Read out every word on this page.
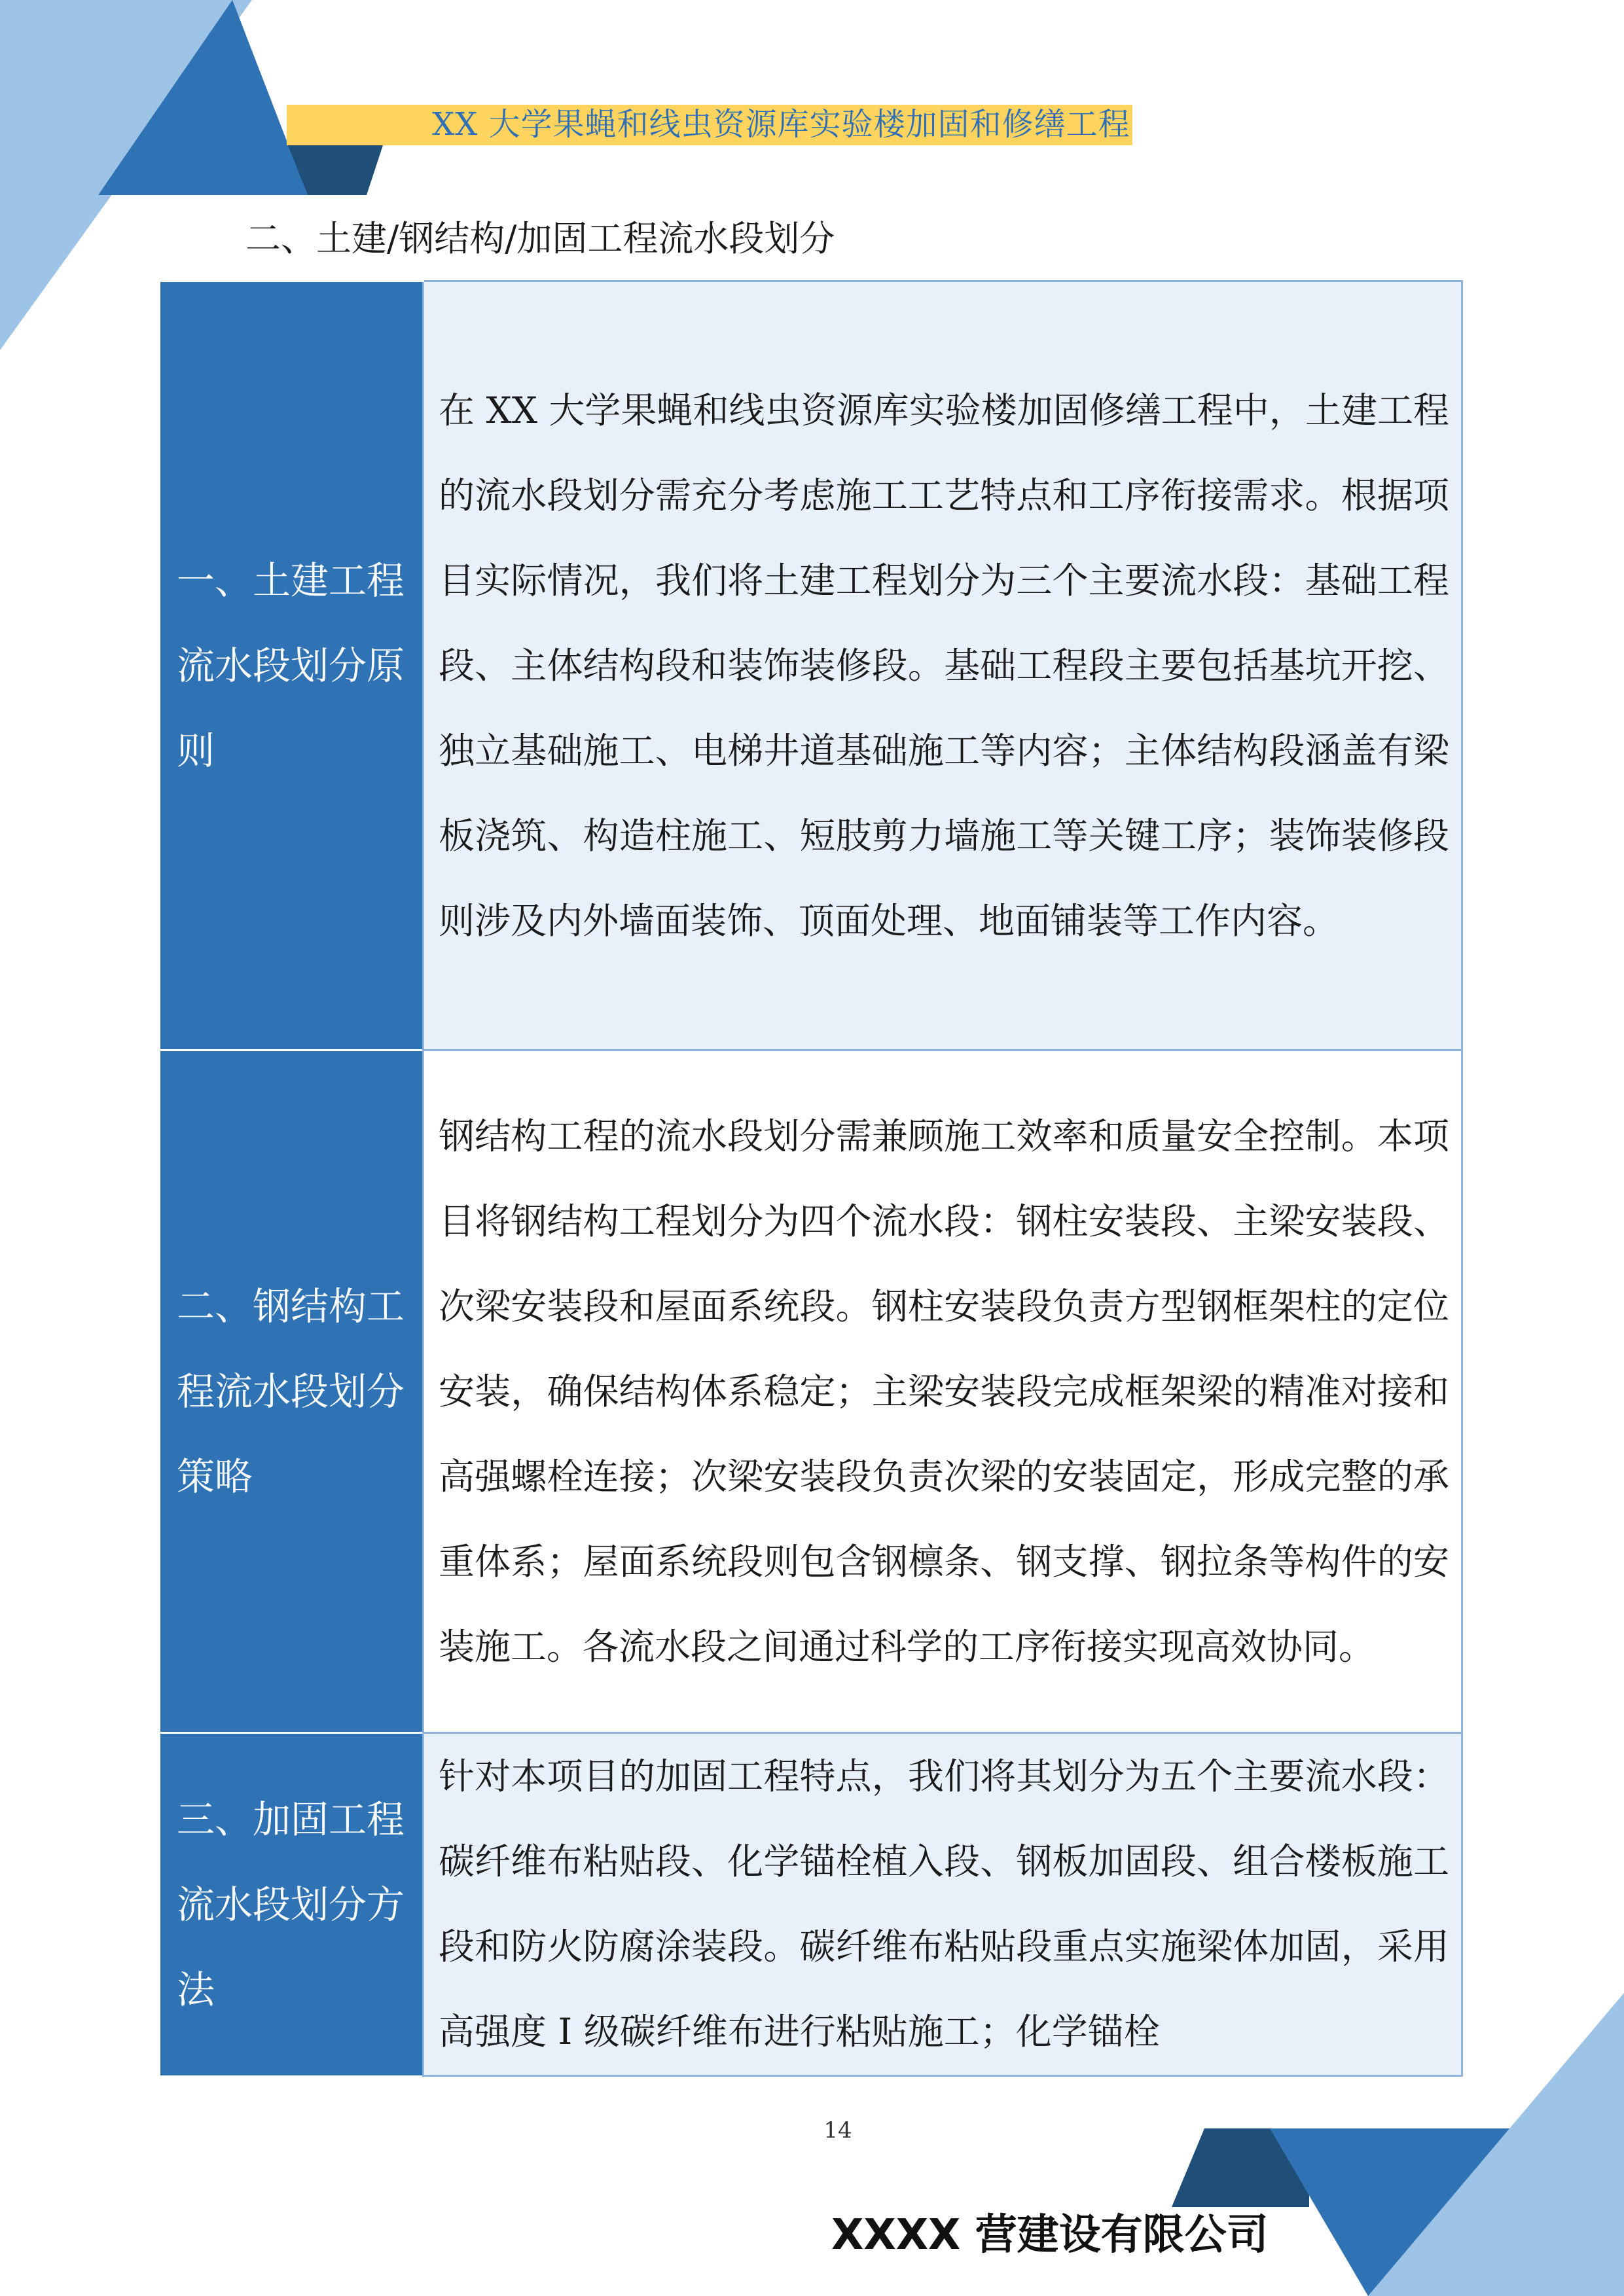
XX 大学果蝇和线虫资源库实验楼加固和修缮工程
二、土建/钢结构/加固工程流水段划分
一、土建工程流水段划分原则	在 XX 大学果蝇和线虫资源库实验楼加固修缮工程中，土建工程的流水段划分需充分考虑施工工艺特点和工序衔接需求。根据项目实际情况，我们将土建工程划分为三个主要流水段：基础工程段、主体结构段和装饰装修段。基础工程段主要包括基坑开挖、独立基础施工、电梯井道基础施工等内容；主体结构段涵盖有梁板浇筑、构造柱施工、短肢剪力墙施工等关键工序；装饰装修段则涉及内外墙面装饰、顶面处理、地面铺装等工作内容。

二、钢结构工程流水段划分策略	钢结构工程的流水段划分需兼顾施工效率和质量安全控制。本项目将钢结构工程划分为四个流水段：钢柱安装段、主梁安装段、次梁安装段和屋面系统段。钢柱安装段负责方型钢框架柱的定位安装，确保结构体系稳定；主梁安装段完成框架梁的精准对接和高强螺栓连接；次梁安装段负责次梁的安装固定，形成完整的承重体系；屋面系统段则包含钢檩条、钢支撑、钢拉条等构件的安装施工。各流水段之间通过科学的工序衔接实现高效协同。

三、加固工程流水段划分方法	针对本项目的加固工程特点，我们将其划分为五个主要流水段：碳纤维布粘贴段、化学锚栓植入段、钢板加固段、组合楼板施工段和防火防腐涂装段。碳纤维布粘贴段重点实施梁体加固，采用高强度 I 级碳纤维布进行粘贴施工；化学锚栓
14
XXXX 营建设有限公司
